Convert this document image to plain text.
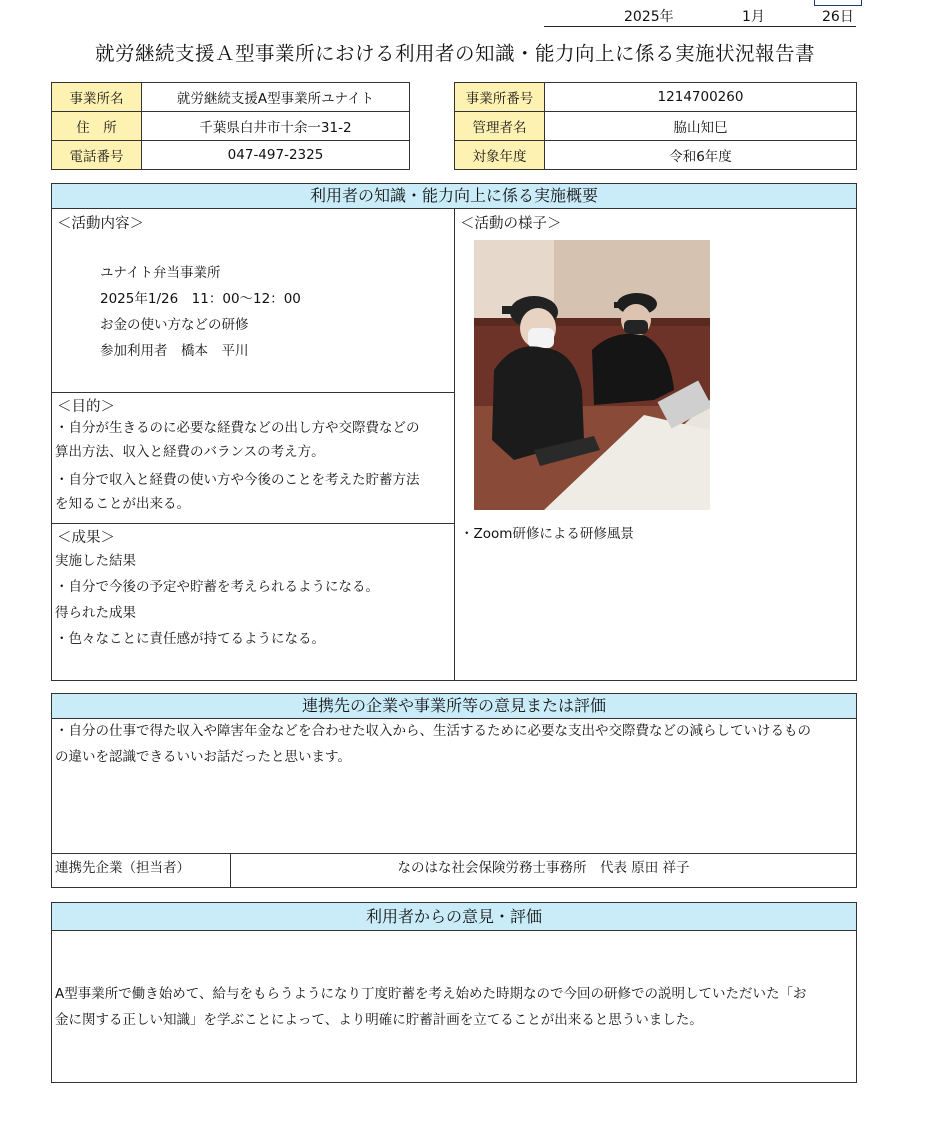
2025年	1月	26日
就労継続支援Ａ型事業所における利用者の知識・能力向上に係る実施状況報告書
事業所名	就労継続支援A型事業所ユナイト
住　所	千葉県白井市十余一31-2
電話番号	047-497-2325
事業所番号	1214700260
管理者名	脇山知巳
対象年度	令和6年度
利用者の知識・能力向上に係る実施概要
＜活動内容＞
ユナイト弁当事業所
2025年1/26　11：00～12：00
お金の使い方などの研修
参加利用者　橋本　平川
＜目的＞
・自分が生きるのに必要な経費などの出し方や交際費などの
算出方法、収入と経費のバランスの考え方。
・自分で収入と経費の使い方や今後のことを考えた貯蓄方法
を知ることが出来る。
＜成果＞
実施した結果
・自分で今後の予定や貯蓄を考えられるようになる。
得られた成果
・色々なことに責任感が持てるようになる。
＜活動の様子＞
・Zoom研修による研修風景
連携先の企業や事業所等の意見または評価
・自分の仕事で得た収入や障害年金などを合わせた収入から、生活するために必要な支出や交際費などの減らしていけるもの
の違いを認識できるいいお話だったと思います。
連携先企業（担当者）	なのはな社会保険労務士事務所　代表 原田 祥子
利用者からの意見・評価
A型事業所で働き始めて、給与をもらうようになり丁度貯蓄を考え始めた時期なので今回の研修での説明していただいた「お
金に関する正しい知識」を学ぶことによって、より明確に貯蓄計画を立てることが出来ると思ういました。
